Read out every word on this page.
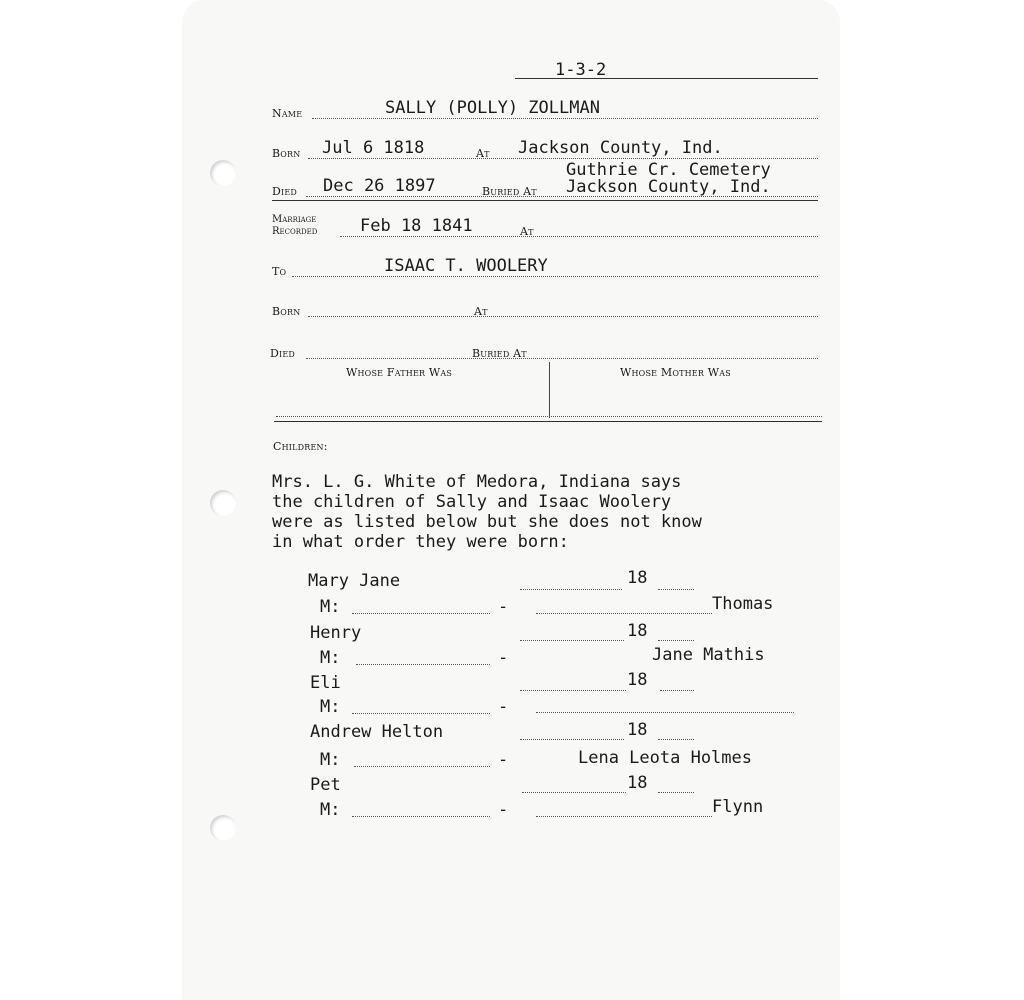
1-3-2
Name	SALLY (POLLY) ZOLLMAN
Born Jul 6 1818	At Jackson County, Ind.
Guthrie Cr. Cemetery
Died Dec 26 1897	Buried At Jackson County, Ind.
Marriage
Recorded	Feb 18 1841	At
To	ISAAC T. WOOLERY
Born	At
Died	Buried At
Whose Father Was	Whose Mother Was
Children:

Mrs. L. G. White of Medora, Indiana says
the children of Sally and Isaac Woolery
were as listed below but she does not know
in what order they were born:

Mary Jane	18
M:	-	Thomas
Henry	18
M:	-	Jane Mathis
Eli	18
M:	-
Andrew Helton	18
M:	-	Lena Leota Holmes
Pet	18
M:	-	Flynn
